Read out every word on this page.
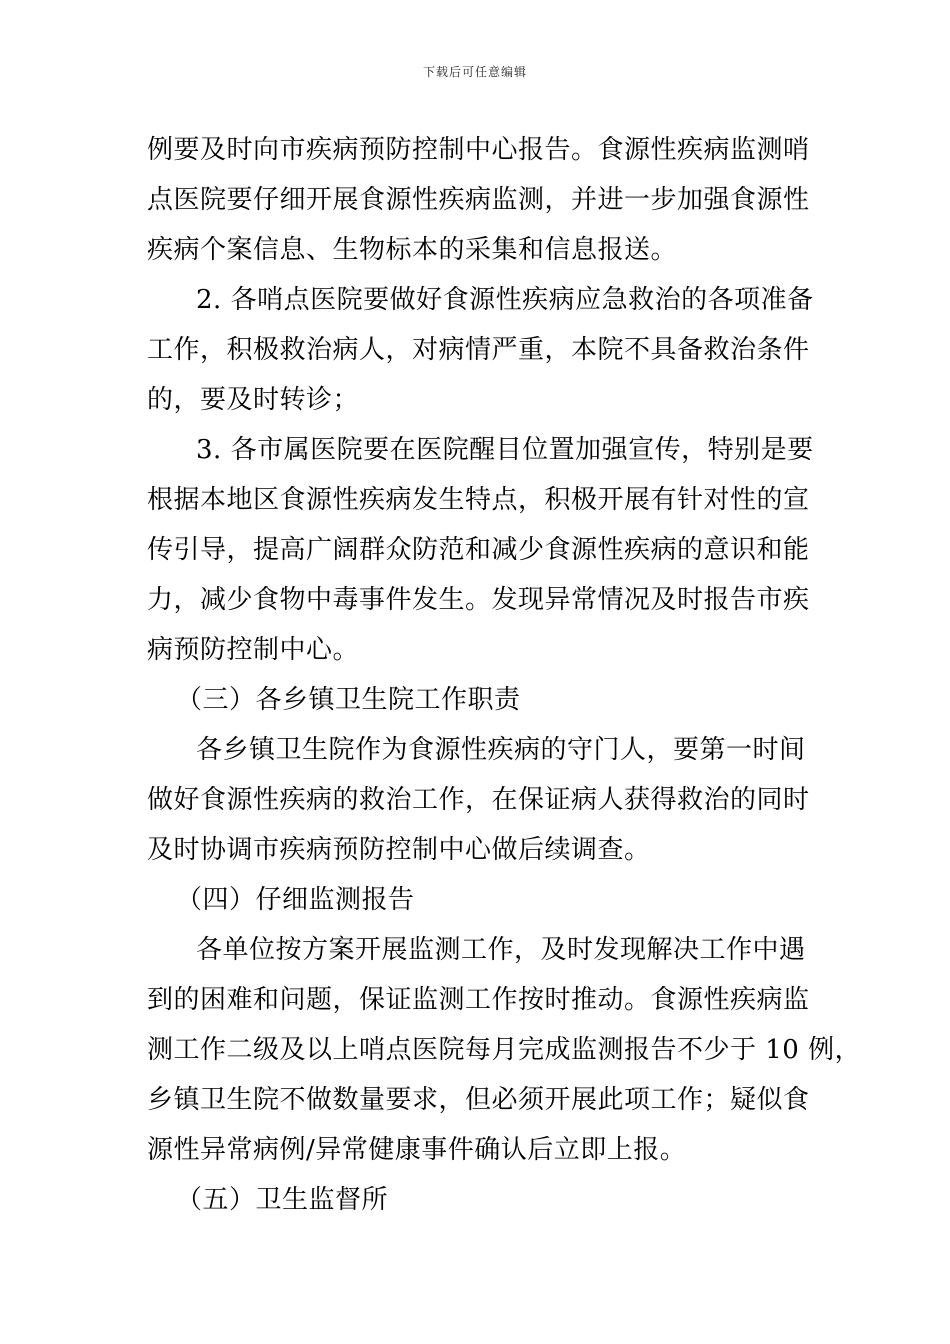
下载后可任意编辑
例要及时向市疾病预防控制中心报告。食源性疾病监测哨
点医院要仔细开展食源性疾病监测，并进一步加强食源性
疾病个案信息、生物标本的采集和信息报送。
2. 各哨点医院要做好食源性疾病应急救治的各项准备
工作，积极救治病人，对病情严重，本院不具备救治条件
的，要及时转诊；
3. 各市属医院要在医院醒目位置加强宣传，特别是要
根据本地区食源性疾病发生特点，积极开展有针对性的宣
传引导，提高广阔群众防范和减少食源性疾病的意识和能
力，减少食物中毒事件发生。发现异常情况及时报告市疾
病预防控制中心。
（三）各乡镇卫生院工作职责
各乡镇卫生院作为食源性疾病的守门人，要第一时间
做好食源性疾病的救治工作，在保证病人获得救治的同时
及时协调市疾病预防控制中心做后续调查。
（四）仔细监测报告
各单位按方案开展监测工作，及时发现解决工作中遇
到的困难和问题，保证监测工作按时推动。食源性疾病监
测工作二级及以上哨点医院每月完成监测报告不少于 10 例，
乡镇卫生院不做数量要求，但必须开展此项工作；疑似食
源性异常病例/异常健康事件确认后立即上报。
（五）卫生监督所
